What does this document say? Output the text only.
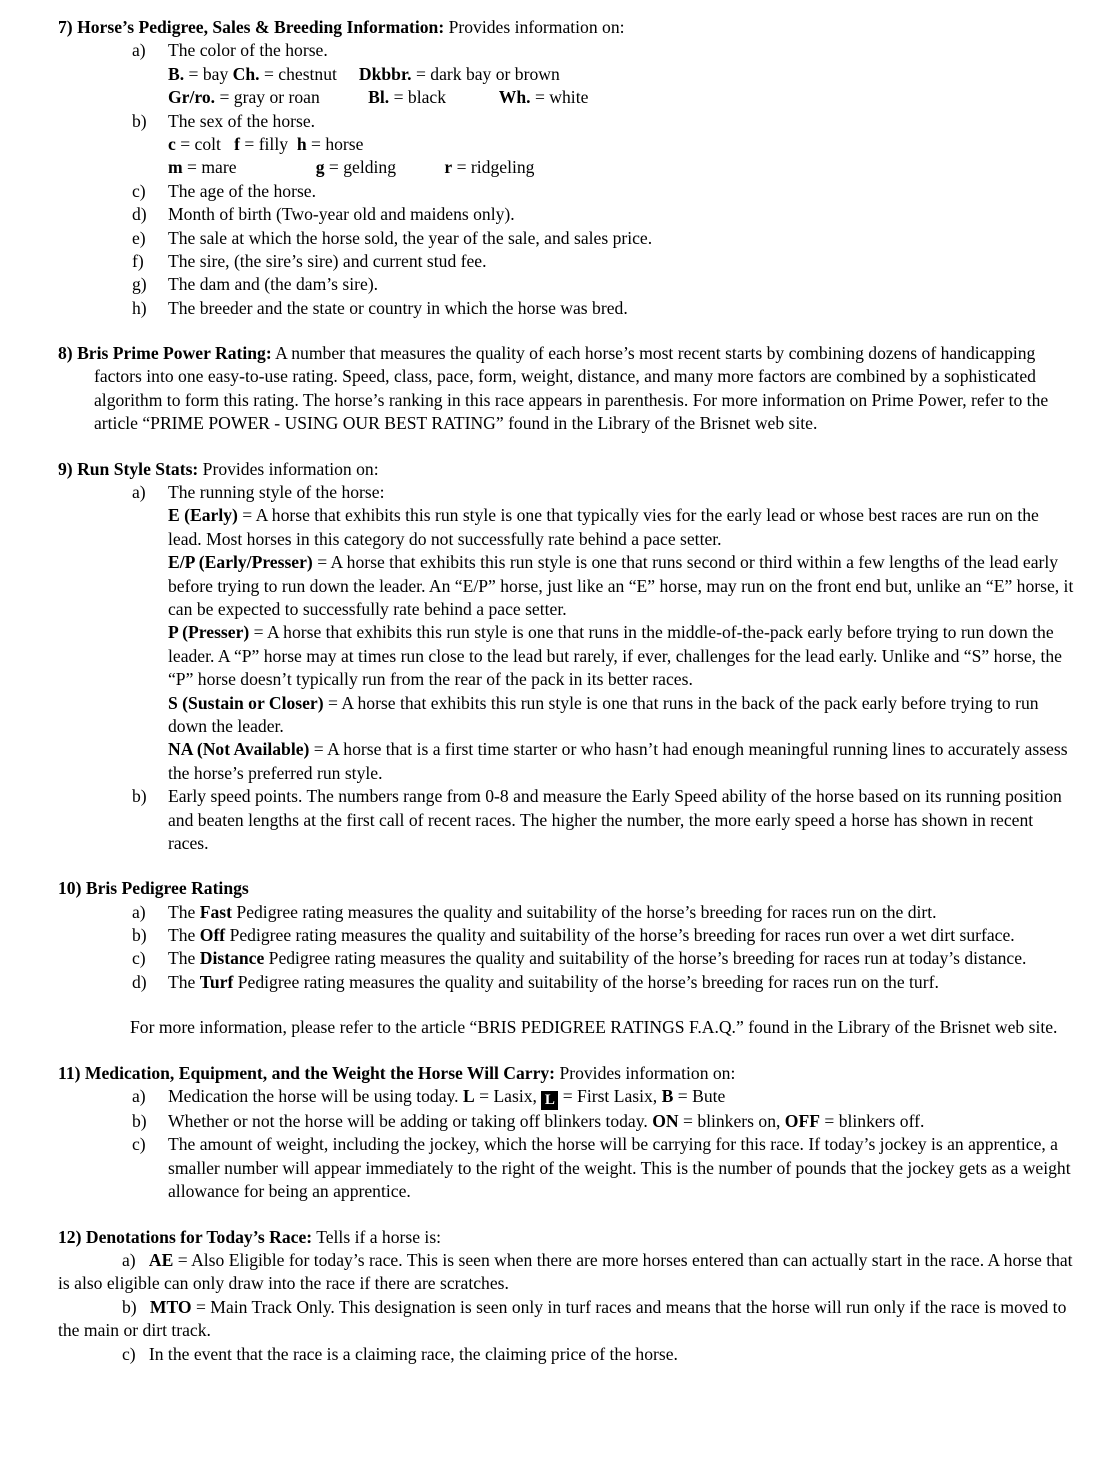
7) Horse’s Pedigree, Sales & Breeding Information: Provides information on:

a)	The color of the horse.

B. = bay Ch. = chestnut     Dkbbr. = dark bay or brown

Gr/ro. = gray or roan           Bl. = black            Wh. = white

b)	The sex of the horse.

c = colt   f = filly  h = horse

m = mare                  g = gelding           r = ridgeling

c)	The age of the horse.

d)	Month of birth (Two-year old and maidens only).

e)	The sale at which the horse sold, the year of the sale, and sales price.

f)	The sire, (the sire’s sire) and current stud fee.

g)	The dam and (the dam’s sire).

h)	The breeder and the state or country in which the horse was bred.

8) Bris Prime Power Rating: A number that measures the quality of each horse’s most recent starts by combining dozens of handicapping factors into one easy-to-use rating. Speed, class, pace, form, weight, distance, and many more factors are combined by a sophisticated algorithm to form this rating. The horse’s ranking in this race appears in parenthesis. For more information on Prime Power, refer to the article “PRIME POWER - USING OUR BEST RATING” found in the Library of the Brisnet web site.

9) Run Style Stats: Provides information on:

a)	The running style of the horse:

E (Early) = A horse that exhibits this run style is one that typically vies for the early lead or whose best races are run on the lead. Most horses in this category do not successfully rate behind a pace setter.

E/P (Early/Presser) = A horse that exhibits this run style is one that runs second or third within a few lengths of the lead early before trying to run down the leader. An “E/P” horse, just like an “E” horse, may run on the front end but, unlike an “E” horse, it can be expected to successfully rate behind a pace setter.

P (Presser) = A horse that exhibits this run style is one that runs in the middle-of-the-pack early before trying to run down the leader. A “P” horse may at times run close to the lead but rarely, if ever, challenges for the lead early. Unlike and “S” horse, the “P” horse doesn’t typically run from the rear of the pack in its better races.

S (Sustain or Closer) = A horse that exhibits this run style is one that runs in the back of the pack early before trying to run down the leader.

NA (Not Available) = A horse that is a first time starter or who hasn’t had enough meaningful running lines to accurately assess the horse’s preferred run style.

b)	Early speed points. The numbers range from 0-8 and measure the Early Speed ability of the horse based on its running position and beaten lengths at the first call of recent races. The higher the number, the more early speed a horse has shown in recent races.

10) Bris Pedigree Ratings

a)	The Fast Pedigree rating measures the quality and suitability of the horse’s breeding for races run on the dirt.

b)	The Off Pedigree rating measures the quality and suitability of the horse’s breeding for races run over a wet dirt surface.

c)	The Distance Pedigree rating measures the quality and suitability of the horse’s breeding for races run at today’s distance.

d)	The Turf Pedigree rating measures the quality and suitability of the horse’s breeding for races run on the turf.

For more information, please refer to the article “BRIS PEDIGREE RATINGS F.A.Q.” found in the Library of the Brisnet web site.

11) Medication, Equipment, and the Weight the Horse Will Carry: Provides information on:

a)	Medication the horse will be using today. L = Lasix, L = First Lasix, B = Bute

b)	Whether or not the horse will be adding or taking off blinkers today. ON = blinkers on, OFF = blinkers off.

c)	The amount of weight, including the jockey, which the horse will be carrying for this race. If today’s jockey is an apprentice, a smaller number will appear immediately to the right of the weight. This is the number of pounds that the jockey gets as a weight allowance for being an apprentice.

12) Denotations for Today’s Race: Tells if a horse is:

a) AE = Also Eligible for today’s race. This is seen when there are more horses entered than can actually start in the race. A horse that is also eligible can only draw into the race if there are scratches.

b) MTO = Main Track Only. This designation is seen only in turf races and means that the horse will run only if the race is moved to the main or dirt track.

c) In the event that the race is a claiming race, the claiming price of the horse.
